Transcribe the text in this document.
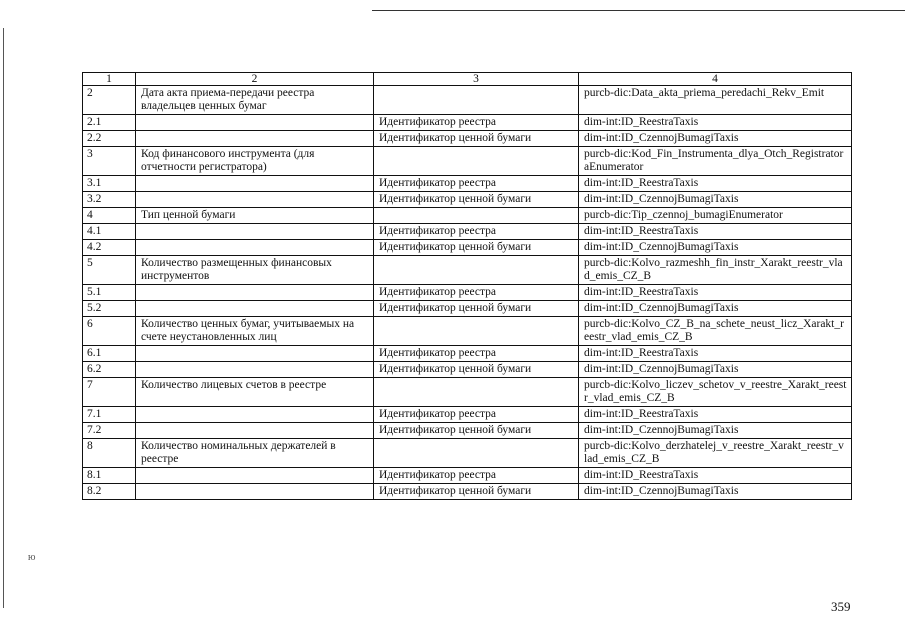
ю
1	2	3	4
2	Дата акта приема-передачи реестра владельцев ценных бумаг		purcb-dic:Data_akta_priema_peredachi_Rekv_Emit
2.1		Идентификатор реестра	dim-int:ID_ReestraTaxis
2.2		Идентификатор ценной бумаги	dim-int:ID_CzennojBumagiTaxis
3	Код финансового инструмента (для отчетности регистратора)		purcb-dic:Kod_Fin_Instrumenta_dlya_Otch_RegistratoraEnumerator
3.1		Идентификатор реестра	dim-int:ID_ReestraTaxis
3.2		Идентификатор ценной бумаги	dim-int:ID_CzennojBumagiTaxis
4	Тип ценной бумаги		purcb-dic:Tip_czennoj_bumagiEnumerator
4.1		Идентификатор реестра	dim-int:ID_ReestraTaxis
4.2		Идентификатор ценной бумаги	dim-int:ID_CzennojBumagiTaxis
5	Количество размещенных финансовых инструментов		purcb-dic:Kolvo_razmeshh_fin_instr_Xarakt_reestr_vlad_emis_CZ_B
5.1		Идентификатор реестра	dim-int:ID_ReestraTaxis
5.2		Идентификатор ценной бумаги	dim-int:ID_CzennojBumagiTaxis
6	Количество ценных бумаг, учитываемых на счете неустановленных лиц		purcb-dic:Kolvo_CZ_B_na_schete_neust_licz_Xarakt_reestr_vlad_emis_CZ_B
6.1		Идентификатор реестра	dim-int:ID_ReestraTaxis
6.2		Идентификатор ценной бумаги	dim-int:ID_CzennojBumagiTaxis
7	Количество лицевых счетов в реестре		purcb-dic:Kolvo_liczev_schetov_v_reestre_Xarakt_reestr_vlad_emis_CZ_B
7.1		Идентификатор реестра	dim-int:ID_ReestraTaxis
7.2		Идентификатор ценной бумаги	dim-int:ID_CzennojBumagiTaxis
8	Количество номинальных держателей в реестре		purcb-dic:Kolvo_derzhatelej_v_reestre_Xarakt_reestr_vlad_emis_CZ_B
8.1		Идентификатор реестра	dim-int:ID_ReestraTaxis
8.2		Идентификатор ценной бумаги	dim-int:ID_CzennojBumagiTaxis
359
